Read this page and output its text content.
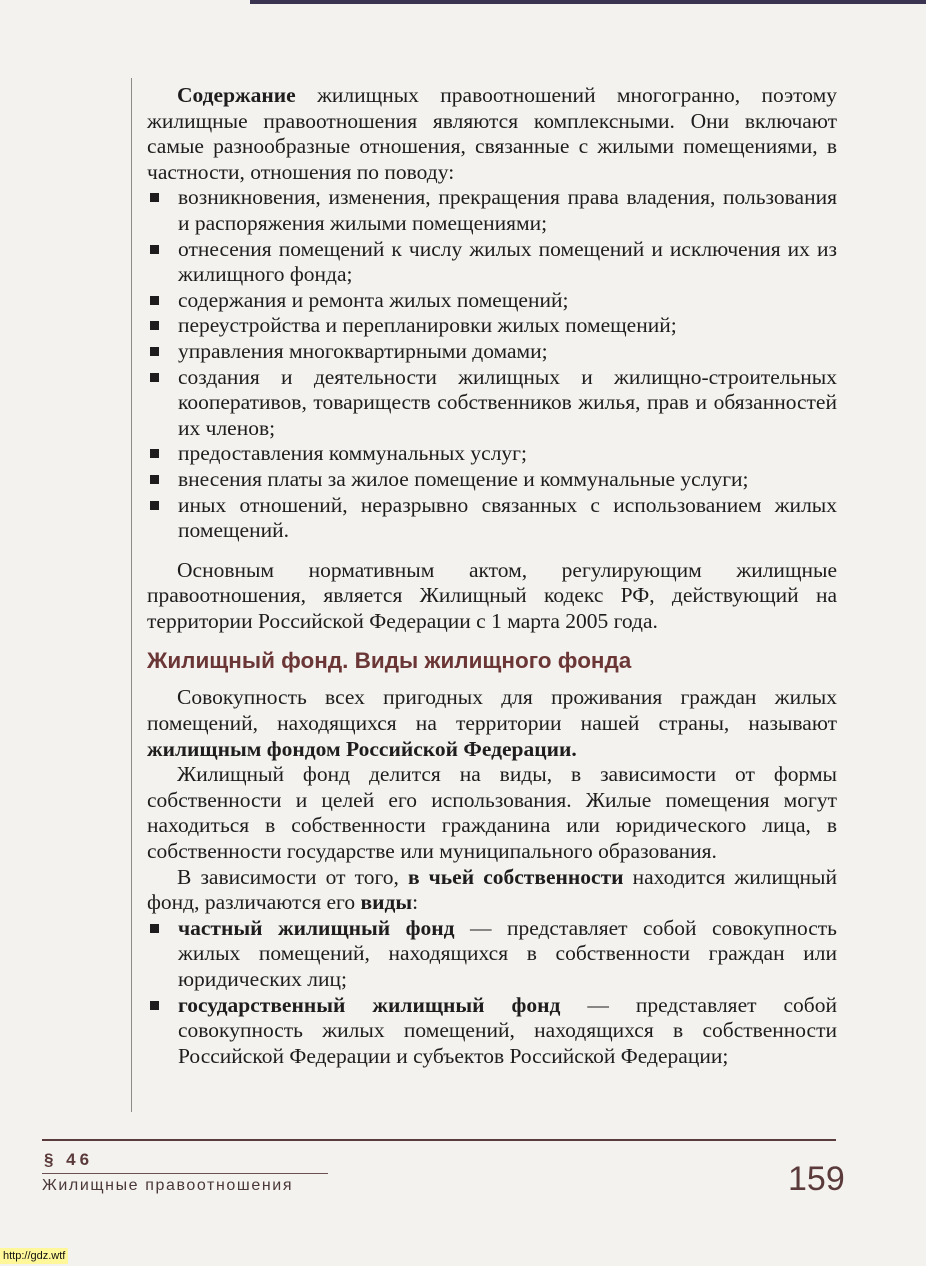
Содержание жилищных правоотношений многогранно, поэтому жилищные правоотношения являются комплексными. Они включают самые разнообразные отношения, связанные с жилыми помещениями, в частности, отношения по поводу:

возникновения, изменения, прекращения права владения, пользования и распоряжения жилыми помещениями;
отнесения помещений к числу жилых помещений и исключения их из жилищного фонда;
содержания и ремонта жилых помещений;
переустройства и перепланировки жилых помещений;
управления многоквартирными домами;
создания и деятельности жилищных и жилищно-строительных кооперативов, товариществ собственников жилья, прав и обязанностей их членов;
предоставления коммунальных услуг;
внесения платы за жилое помещение и коммунальные услуги;
иных отношений, неразрывно связанных с использованием жилых помещений.

Основным нормативным актом, регулирующим жилищные правоотношения, является Жилищный кодекс РФ, действующий на территории Российской Федерации с 1 марта 2005 года.

Жилищный фонд. Виды жилищного фонда

Совокупность всех пригодных для проживания граждан жилых помещений, находящихся на территории нашей страны, называют жилищным фондом Российской Федерации.

Жилищный фонд делится на виды, в зависимости от формы собственности и целей его использования. Жилые помещения могут находиться в собственности гражданина или юридического лица, в собственности государстве или муниципального образования.

В зависимости от того, в чьей собственности находится жилищный фонд, различаются его виды:

частный жилищный фонд — представляет собой совокупность жилых помещений, находящихся в собственности граждан или юридических лиц;
государственный жилищный фонд — представляет собой совокупность жилых помещений, находящихся в собственности Российской Федерации и субъектов Российской Федерации;
§ 46
Жилищные правоотношения	159
http://gdz.wtf
